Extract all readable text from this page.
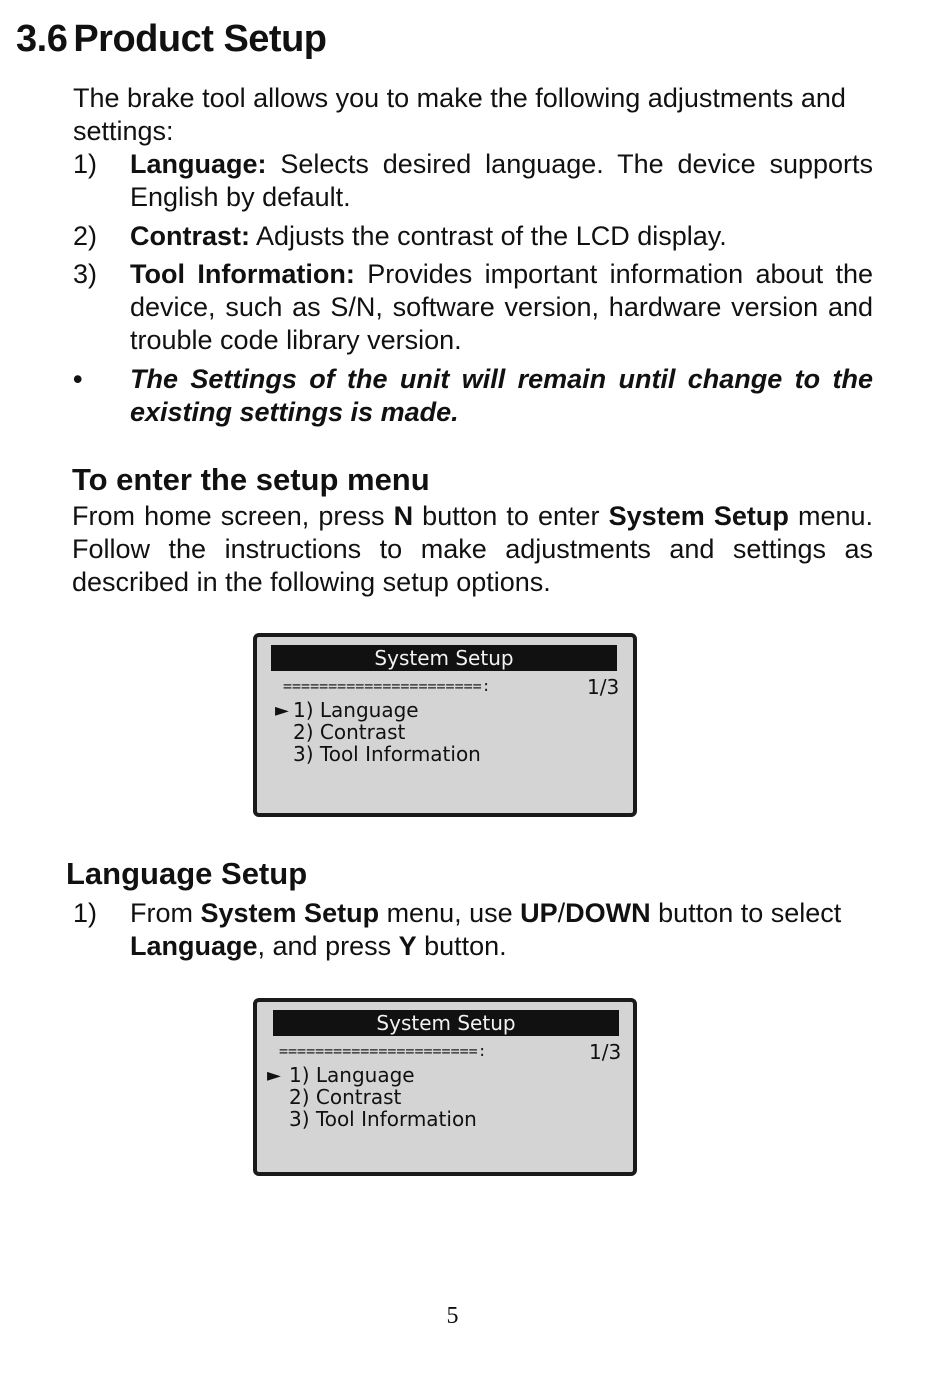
3.6 Product Setup
The brake tool allows you to make the following adjustments and settings:
1) Language: Selects desired language. The device supports English by default.
2) Contrast: Adjusts the contrast of the LCD display.
3) Tool Information: Provides important information about the device, such as S/N, software version, hardware version and trouble code library version.
•	The Settings of the unit will remain until change to the existing settings is made.
To enter the setup menu
From home screen, press N button to enter System Setup menu. Follow the instructions to make adjustments and settings as described in the following setup options.
System Setup
======================:	1/3
► 1) Language
2) Contrast
3) Tool Information
Language Setup
1) From System Setup menu, use UP/DOWN button to select Language, and press Y button.
System Setup
======================:	1/3
► 1) Language
2) Contrast
3) Tool Information
5
